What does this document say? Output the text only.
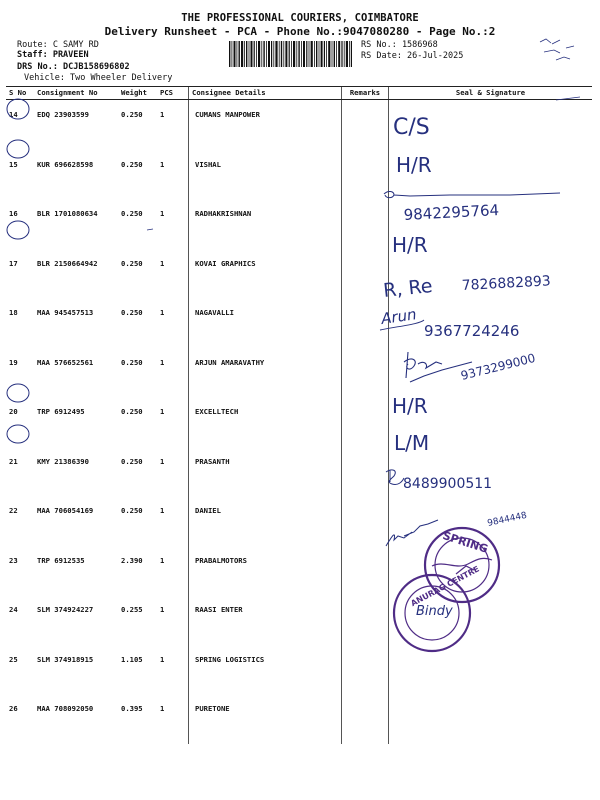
THE PROFESSIONAL COURIERS, COIMBATORE
Delivery Runsheet - PCA - Phone No.:9047080280 - Page No.:2
Route: C SAMY RD
Staff: PRAVEEN
DRS No.: DCJB158696802
Vehicle: Two Wheeler Delivery
RS No.: 1586968
RS Date: 26-Jul-2025
S No	Consignment No	Weight	PCS	Consignee Details	Remarks	Seal & Signature
14	EDQ 23903599	0.250	1	CUMANS MANPOWER		
15	KUR 696628598	0.250	1	VISHAL		
16	BLR 1701080634	0.250	1	RADHAKRISHNAN		
17	BLR 2150664942	0.250	1	KOVAI GRAPHICS		
18	MAA 945457513	0.250	1	NAGAVALLI		
19	MAA 576652561	0.250	1	ARJUN AMARAVATHY		
20	TRP 6912495	0.250	1	EXCELLTECH		
21	KMY 21386390	0.250	1	PRASANTH		
22	MAA 706054169	0.250	1	DANIEL		
23	TRP 6912535	2.390	1	PRABALMOTORS		
24	SLM 374924227	0.255	1	RAASI ENTER		
25	SLM 374918915	1.105	1	SPRING LOGISTICS		
26	MAA 708092050	0.395	1	PURETONE		
C/S
H/R
9842295764
H/R
R, Re 7826882893
Arun
9367724246
9373299000
H/R
L/M
8489900511
9844448
SPRING
ANURAG CENTRE
Bindy
